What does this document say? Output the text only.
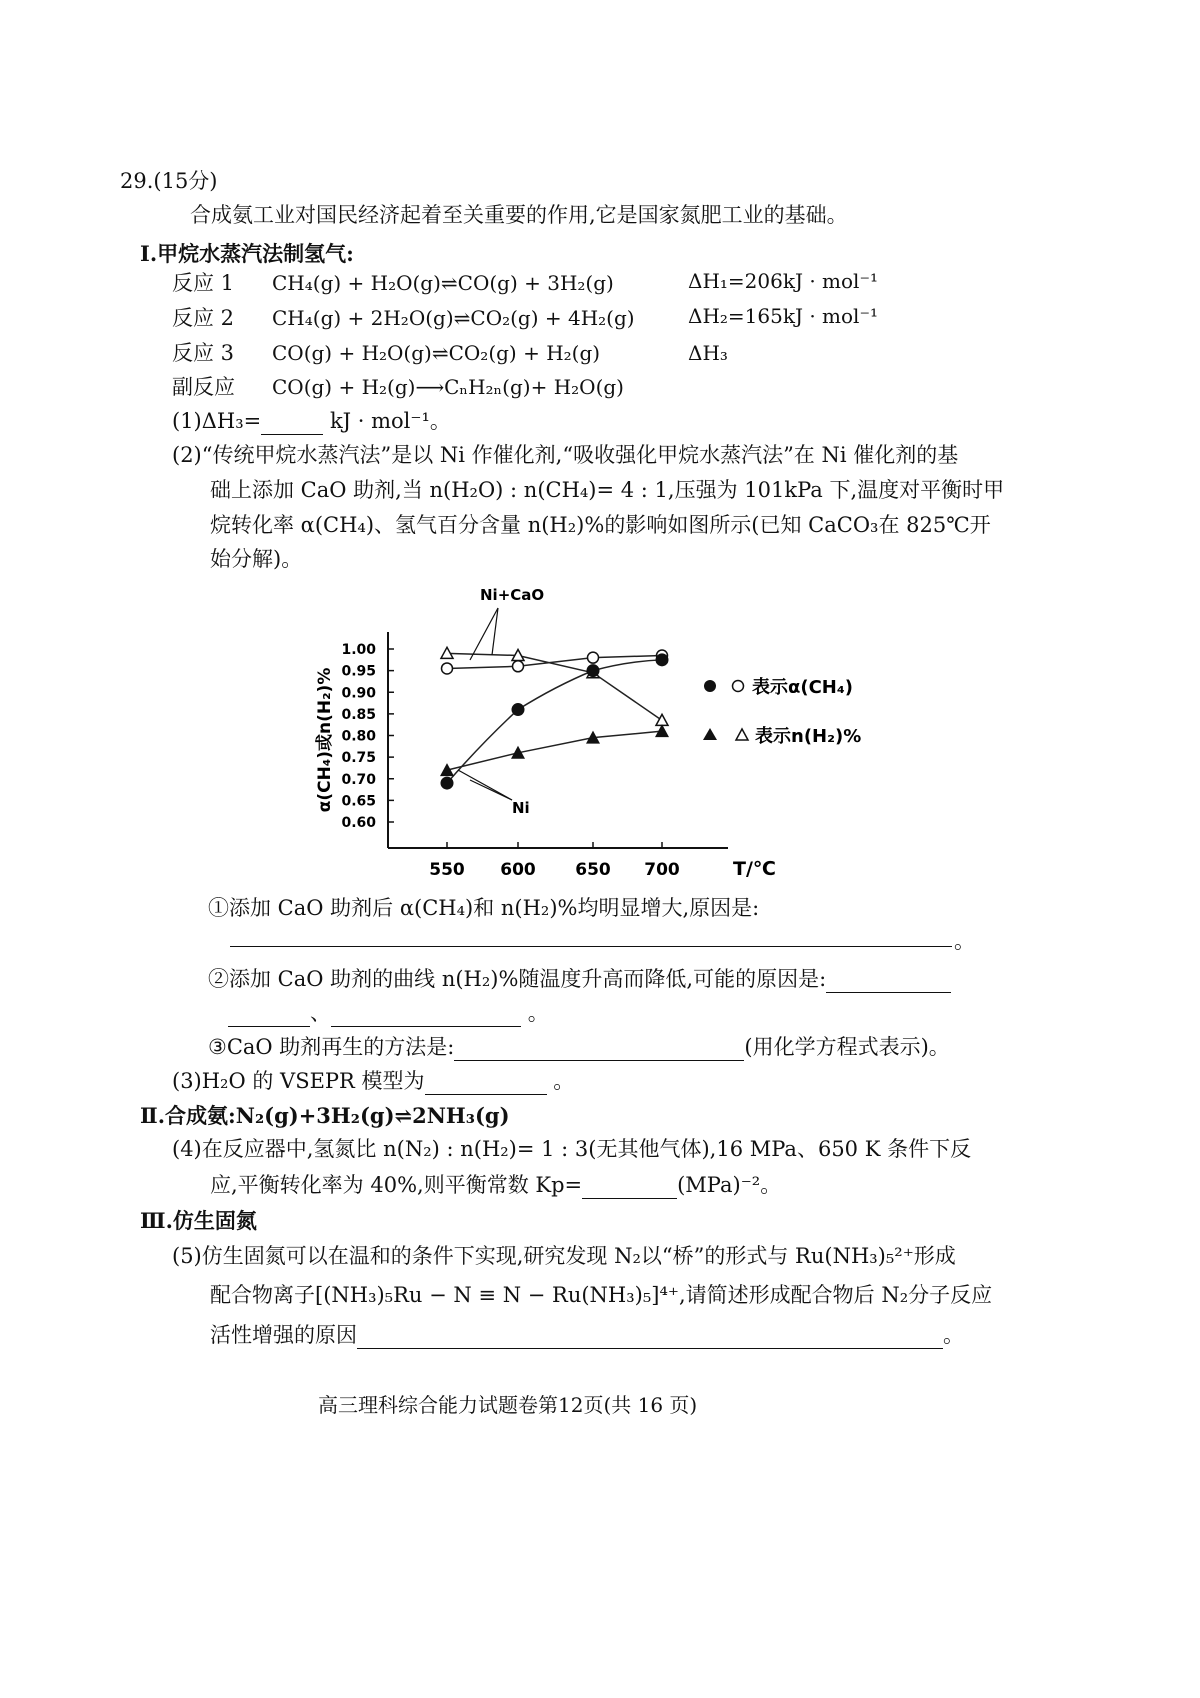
29.(15分)
合成氨工业对国民经济起着至关重要的作用,它是国家氮肥工业的基础。
Ⅰ.甲烷水蒸汽法制氢气:
反应 1 CH₄(g) + H₂O(g)⇌CO(g) + 3H₂(g)	ΔH₁=206kJ · mol⁻¹
反应 2 CH₄(g) + 2H₂O(g)⇌CO₂(g) + 4H₂(g)	ΔH₂=165kJ · mol⁻¹
反应 3 CO(g) + H₂O(g)⇌CO₂(g) + H₂(g)	ΔH₃
副反应 CO(g) + H₂(g)⟶CₙH₂ₙ(g)+ H₂O(g)
(1)ΔH₃=	kJ · mol⁻¹。
(2)“传统甲烷水蒸汽法”是以 Ni 作催化剂,“吸收强化甲烷水蒸汽法”在 Ni 催化剂的基
础上添加 CaO 助剂,当 n(H₂O) : n(CH₄)= 4 : 1,压强为 101kPa 下,温度对平衡时甲
烷转化率 α(CH₄)、氢气百分含量 n(H₂)%的影响如图所示(已知 CaCO₃在 825℃开
始分解)。
0.60
0.65
0.70
0.75
0.80
0.85
0.90
0.95
1.00
550 600 650 700	T/℃
α(CH₄)或n(H₂)%
Ni+CaO
Ni
表示α(CH₄)
表示n(H₂)%
①添加 CaO 助剂后 α(CH₄)和 n(H₂)%均明显增大,原因是:
。
②添加 CaO 助剂的曲线 n(H₂)%随温度升高而降低,可能的原因是:
、	。
③CaO 助剂再生的方法是:	(用化学方程式表示)。
(3)H₂O 的 VSEPR 模型为	。
Ⅱ.合成氨:N₂(g)+3H₂(g)⇌2NH₃(g)
(4)在反应器中,氢氮比 n(N₂) : n(H₂)= 1 : 3(无其他气体),16 MPa、650 K 条件下反
应,平衡转化率为 40%,则平衡常数 Kp=	(MPa)⁻²。
Ⅲ.仿生固氮
(5)仿生固氮可以在温和的条件下实现,研究发现 N₂以“桥”的形式与 Ru(NH₃)₅²⁺形成
配合物离子[(NH₃)₅Ru − N ≡ N − Ru(NH₃)₅]⁴⁺,请简述形成配合物后 N₂分子反应
活性增强的原因	。
高三理科综合能力试题卷第12页(共 16 页)
